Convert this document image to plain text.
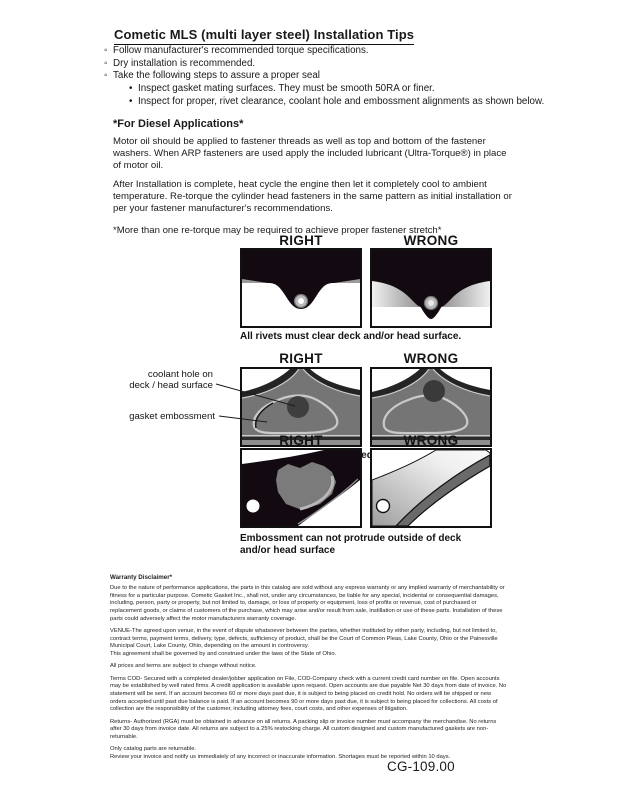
Cometic MLS (multi layer steel) Installation Tips
◦ Follow manufacturer's recommended torque specifications.
◦ Dry installation is recommended.
◦ Take the following steps to assure a proper seal
• Inspect gasket mating surfaces. They must be smooth 50RA or finer.
• Inspect for proper, rivet clearance, coolant hole and embossment alignments as shown below.
*For Diesel Applications*

Motor oil should be applied to fastener threads as well as top and bottom of the fastener washers. When ARP fasteners are used apply the included lubricant (Ultra-Torque®) in place of motor oil.

After Installation is complete, heat cycle the engine then let it completely cool to ambient temperature. Re-torque the cylinder head fasteners in the same pattern as initial installation or per your fastener manufacturer's recommendations.

*More than one re-torque may be required to achieve proper fastener stretch*

RIGHT	WRONG
All rivets must clear deck and/or head surface.
RIGHT	WRONG
coolant hole on
deck / head surface
gasket embossment
RIGHT	WRONG
Embossment can not protrude outside of deck
and/or head surface
Warranty Disclaimer*

Due to the nature of performance applications, the parts in this catalog are sold without any express warranty or any implied warranty of merchantability or fitness for a particular purpose. Cometic Gasket Inc., shall not, under any circumstances, be liable for any special, incidental or consequential damages, including, person, party or property, but not limited to, damage, or loss of property or equipment, loss of profits or revenue, cost of purchased or replacement goods, or claims of customers of the purchase, which may arise and/or result from sale, instillation or use of these parts. Installation of these parts could adversely affect the motor manufacturers warranty coverage.

VENUE-The agreed upon venue, in the event of dispute whatsoever between the parties, whether instituted by either party, including, but not limited to, contract terms, payment terms, delivery, type, defects, sufficiency of product, shall be the Court of Common Pleas, Lake County, Ohio or the Painesville Municipal Court, Lake County, Ohio, depending on the amount in controversy.

This agreement shall be governed by and construed under the laws of the State of Ohio.

All prices and terms are subject to change without notice.

Terms COD- Secured with a completed dealer/jobber application on File, COD-Company check with a current credit card number on file. Open accounts may be established by well rated firms. A credit application is available upon request. Open accounts are due payable Net 30 days from date of invoice. No statement will be sent. If an account becomes 60 or more days past due, it is subject to being placed on credit hold. No orders will be shipped or new orders accepted until past due balance is paid. If an account becomes 90 or more days past due, it is subject to being placed for collections. All costs of collection are the responsibility of the customer, including attorney fees, court costs, and other expenses of litigation.

Returns- Authorized (RGA) must be obtained in advance on all returns. A packing slip or invoice number must accompany the merchandise. No returns after 30 days from invoice date. All returns are subject to a 25% restocking charge. All custom designed and custom manufactured gaskets are non-returnable.

Only catalog parts are returnable.

Review your invoice and notify us immediately of any incorrect or inaccurate information. Shortages must be reported within 10 days.

CG-109.00
